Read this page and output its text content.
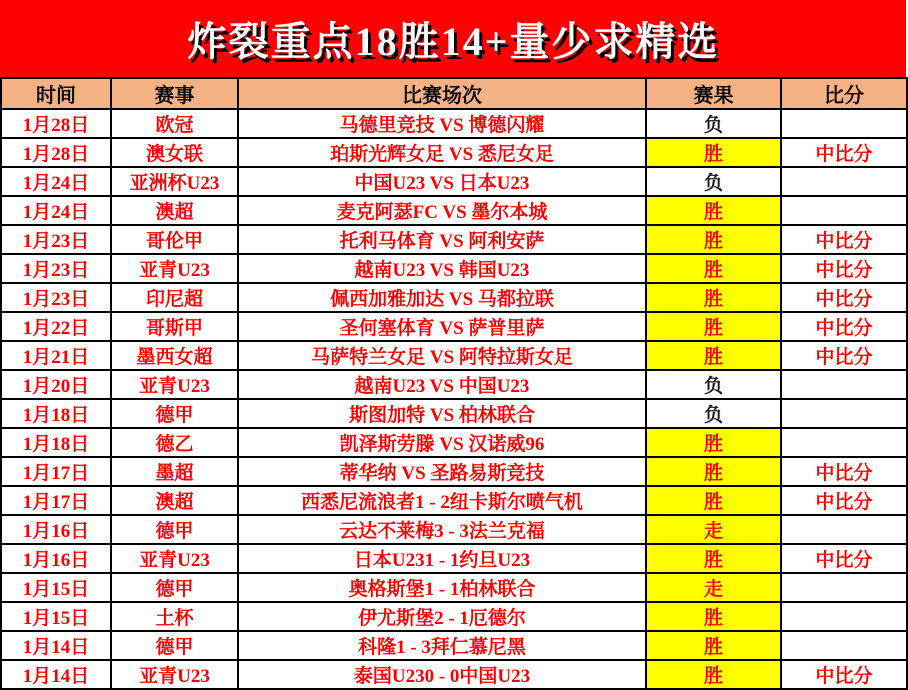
炸裂重点18胜14+量少求精选
时间	赛事	比赛场次	赛果	比分
1月28日	欧冠	马德里竞技 VS 博德闪耀	负	
1月28日	澳女联	珀斯光辉女足 VS 悉尼女足	胜	中比分
1月24日	亚洲杯U23	中国U23 VS 日本U23	负	
1月24日	澳超	麦克阿瑟FC VS 墨尔本城	胜	
1月23日	哥伦甲	托利马体育 VS 阿利安萨	胜	中比分
1月23日	亚青U23	越南U23 VS 韩国U23	胜	中比分
1月23日	印尼超	佩西加雅加达 VS 马都拉联	胜	中比分
1月22日	哥斯甲	圣何塞体育 VS 萨普里萨	胜	中比分
1月21日	墨西女超	马萨特兰女足 VS 阿特拉斯女足	胜	中比分
1月20日	亚青U23	越南U23 VS 中国U23	负	
1月18日	德甲	斯图加特 VS 柏林联合	负	
1月18日	德乙	凯泽斯劳滕 VS 汉诺威96	胜	
1月17日	墨超	蒂华纳 VS 圣路易斯竞技	胜	中比分
1月17日	澳超	西悉尼流浪者1 - 2纽卡斯尔喷气机	胜	中比分
1月16日	德甲	云达不莱梅3 - 3法兰克福	走	
1月16日	亚青U23	日本U231 - 1约旦U23	胜	中比分
1月15日	德甲	奥格斯堡1 - 1柏林联合	走	
1月15日	土杯	伊尤斯堡2 - 1厄德尔	胜	
1月14日	德甲	科隆1 - 3拜仁慕尼黑	胜	
1月14日	亚青U23	泰国U230 - 0中国U23	胜	中比分
